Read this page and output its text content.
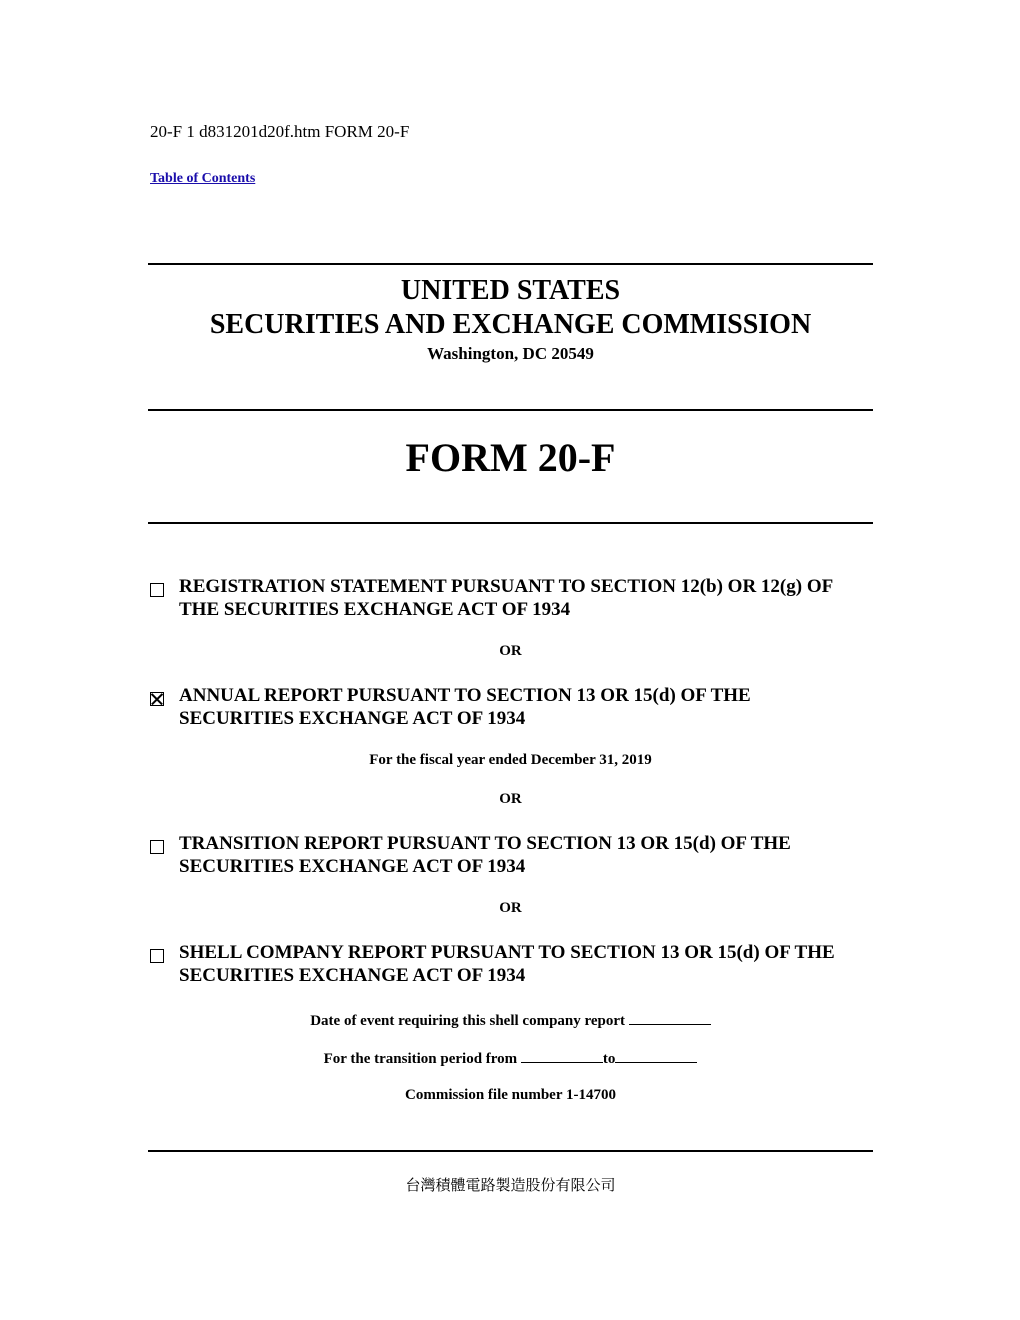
20-F 1 d831201d20f.htm FORM 20-F
Table of Contents
UNITED STATES
SECURITIES AND EXCHANGE COMMISSION
Washington, DC 20549
FORM 20-F
REGISTRATION STATEMENT PURSUANT TO SECTION 12(b) OR 12(g) OF THE SECURITIES EXCHANGE ACT OF 1934
OR
ANNUAL REPORT PURSUANT TO SECTION 13 OR 15(d) OF THE SECURITIES EXCHANGE ACT OF 1934
For the fiscal year ended December 31, 2019
OR
TRANSITION REPORT PURSUANT TO SECTION 13 OR 15(d) OF THE SECURITIES EXCHANGE ACT OF 1934
OR
SHELL COMPANY REPORT PURSUANT TO SECTION 13 OR 15(d) OF THE SECURITIES EXCHANGE ACT OF 1934
Date of event requiring this shell company report
For the transition period from	to
Commission file number 1-14700
台灣積體電路製造股份有限公司
